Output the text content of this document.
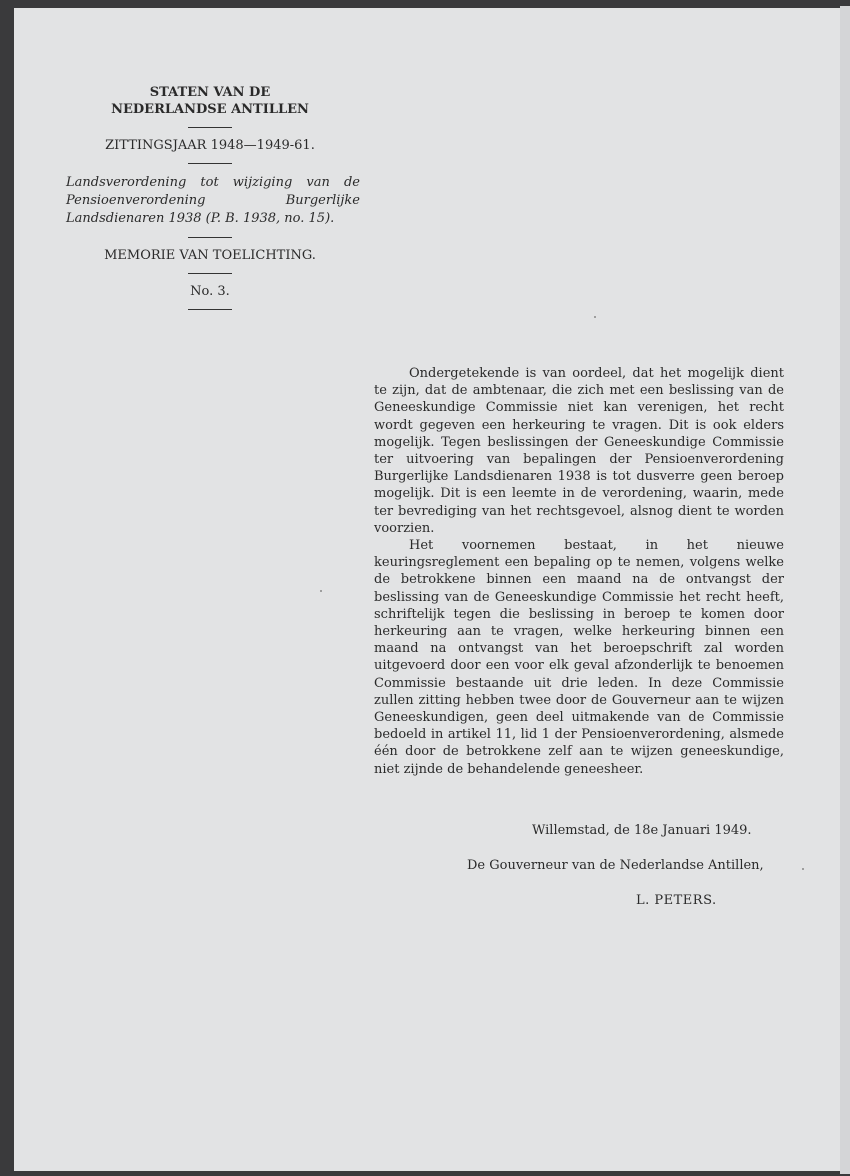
STATEN VAN DE
NEDERLANDSE ANTILLEN
ZITTINGSJAAR 1948—1949-61.
Landsverordening tot wijziging van de Pensioenverordening Burgerlijke Landsdienaren 1938 (P. B. 1938, no. 15).
MEMORIE VAN TOELICHTING.
No. 3.

Ondergetekende is van oordeel, dat het mogelijk dient te zijn, dat de ambtenaar, die zich met een beslissing van de Geneeskundige Commissie niet kan verenigen, het recht wordt gegeven een herkeuring te vragen. Dit is ook elders mogelijk. Tegen beslissingen der Geneeskundige Commissie ter uitvoering van bepalingen der Pensioenverordening Burgerlijke Landsdienaren 1938 is tot dusverre geen beroep mogelijk. Dit is een leemte in de verordening, waarin, mede ter bevrediging van het rechtsgevoel, alsnog dient te worden voorzien.

Het voornemen bestaat, in het nieuwe keuringsreglement een bepaling op te nemen, volgens welke de betrokkene binnen een maand na de ontvangst der beslissing van de Geneeskundige Commissie het recht heeft, schriftelijk tegen die beslissing in beroep te komen door herkeuring aan te vragen, welke herkeuring binnen een maand na ontvangst van het beroepschrift zal worden uitgevoerd door een voor elk geval afzonderlijk te benoemen Commissie bestaande uit drie leden. In deze Commissie zullen zitting hebben twee door de Gouverneur aan te wijzen Geneeskundigen, geen deel uitmakende van de Commissie bedoeld in artikel 11, lid 1 der Pensioenverordening, alsmede één door de betrokkene zelf aan te wijzen geneeskundige, niet zijnde de behandelende geneesheer.

Willemstad, de 18e Januari 1949.
De Gouverneur van de Nederlandse Antillen,
L. PETERS.
